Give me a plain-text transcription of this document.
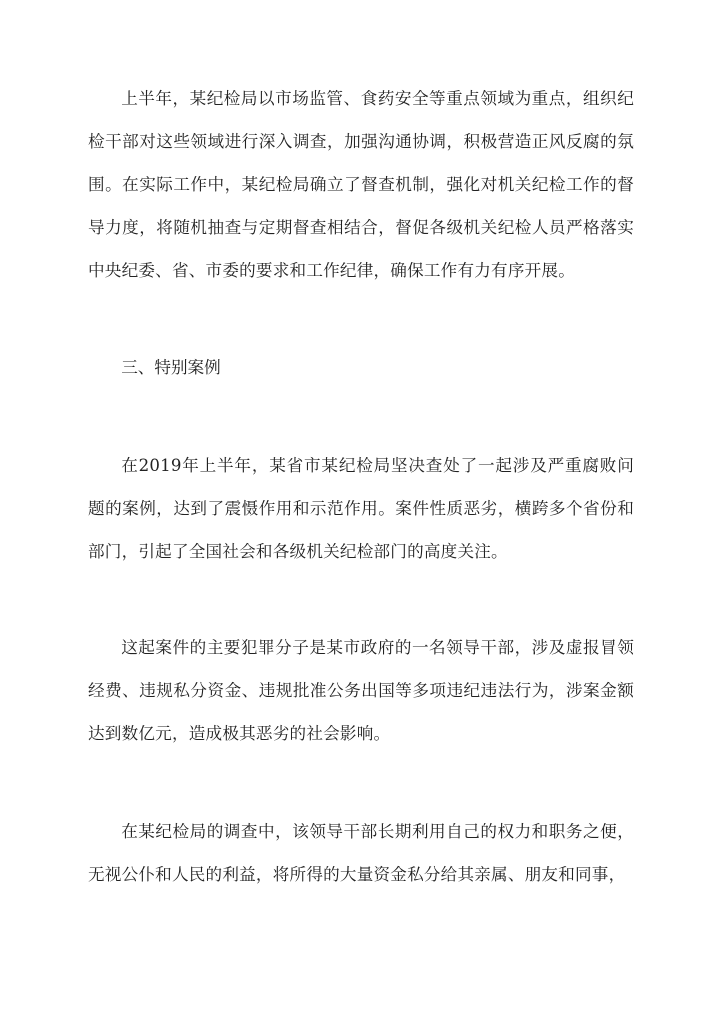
上半年，某纪检局以市场监管、食药安全等重点领域为重点，组织纪检干部对这些领域进行深入调查，加强沟通协调，积极营造正风反腐的氛围。在实际工作中，某纪检局确立了督查机制，强化对机关纪检工作的督导力度，将随机抽查与定期督查相结合，督促各级机关纪检人员严格落实中央纪委、省、市委的要求和工作纪律，确保工作有力有序开展。

三、特别案例

在2019年上半年，某省市某纪检局坚决查处了一起涉及严重腐败问题的案例，达到了震慑作用和示范作用。案件性质恶劣，横跨多个省份和部门，引起了全国社会和各级机关纪检部门的高度关注。

这起案件的主要犯罪分子是某市政府的一名领导干部，涉及虚报冒领经费、违规私分资金、违规批准公务出国等多项违纪违法行为，涉案金额达到数亿元，造成极其恶劣的社会影响。

在某纪检局的调查中，该领导干部长期利用自己的权力和职务之便，无视公仆和人民的利益，将所得的大量资金私分给其亲属、朋友和同事，
